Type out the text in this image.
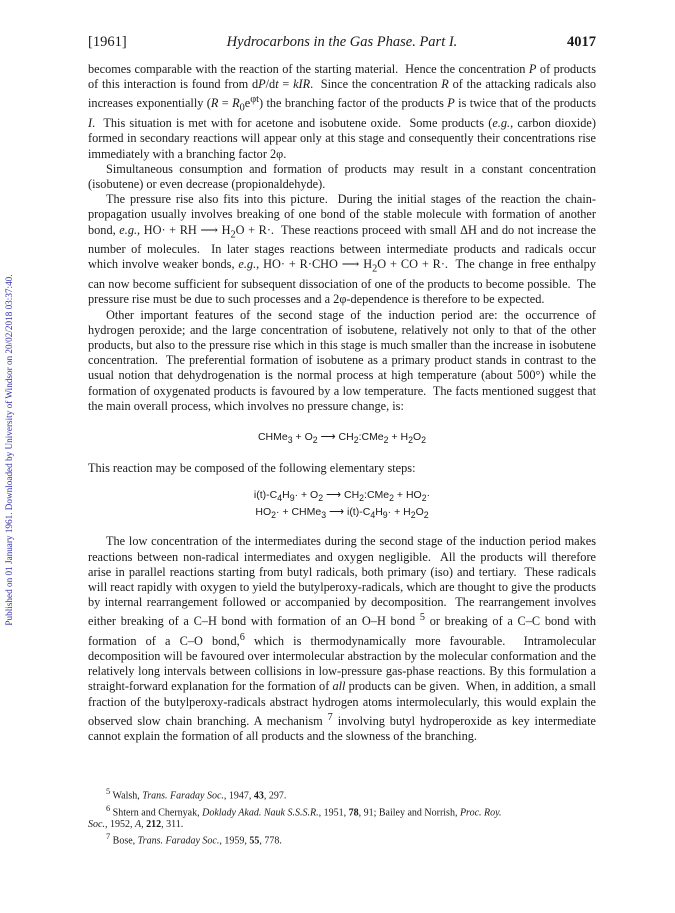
Published on 01 January 1961. Downloaded by University of Windsor on 20/02/2018 03:37:40.
[1961]	Hydrocarbons in the Gas Phase. Part I.	4017

becomes comparable with the reaction of the starting material.  Hence the concentration P of products of this interaction is found from dP/dt = kIR.  Since the concentration R of the attacking radicals also increases exponentially $(R = R_0e^{\varphi t})$ the branching factor of the products P is twice that of the products I.  This situation is met with for acetone and isobutene oxide.  Some products (e.g., carbon dioxide) formed in secondary reactions will appear only at this stage and consequently their concentrations rise immediately with a branching factor 2φ.

Simultaneous consumption and formation of products may result in a constant concentration (isobutene) or even decrease (propionaldehyde).

The pressure rise also fits into this picture.  During the initial stages of the reaction the chain-propagation usually involves breaking of one bond of the stable molecule with formation of another bond, e.g., HO· + RH ⟶ $H_2O + R\cdot$.  These reactions proceed with small ΔH and do not increase the number of molecules.  In later stages reactions between intermediate products and radicals occur which involve weaker bonds, e.g., HO· + R·CHO ⟶ $H_2O$ + CO + R·.  The change in free enthalpy can now become sufficient for subsequent dissociation of one of the products to become possible.  The pressure rise must be due to such processes and a 2φ-dependence is therefore to be expected.

Other important features of the second stage of the induction period are: the occurrence of hydrogen peroxide; and the large concentration of isobutene, relatively not only to that of the other products, but also to the pressure rise which in this stage is much smaller than the increase in isobutene concentration.  The preferential formation of isobutene as a primary product stands in contrast to the usual notion that dehydrogenation is the normal process at high temperature (about 500°) while the formation of oxygenated products is favoured by a low temperature.  The facts mentioned suggest that the main overall process, which involves no pressure change, is:

CHMe$_3$ + $O_2$ ⟶ $CH_2:CMe_2 + H_2O_2$

This reaction may be composed of the following elementary steps:

$i(t)-C_4H_9\cdot + O_2$ ⟶ $CH_2:CMe_2 + HO_2\cdot$
$HO_2\cdot$ + CHMe$_3$ ⟶ $i(t)-C_4H_9\cdot + H_2O_2$

The low concentration of the intermediates during the second stage of the induction period makes reactions between non-radical intermediates and oxygen negligible.  All the products will therefore arise in parallel reactions starting from butyl radicals, both primary (iso) and tertiary.  These radicals will react rapidly with oxygen to yield the butylperoxy-radicals, which are thought to give the products by internal rearrangement followed or accompanied by decomposition.  The rearrangement involves either breaking of a C–H bond with formation of an O–H bond $^5$ or breaking of a C–C bond with formation of a C–O bond,$^6$ which is thermodynamically more favourable.  Intramolecular decomposition will be favoured over intermolecular abstraction by the molecular conformation and the relatively long intervals between collisions in low-pressure gas-phase reactions. By this formulation a straight-forward explanation for the formation of all products can be given.  When, in addition, a small fraction of the butylperoxy-radicals abstract hydrogen atoms intermolecularly, this would explain the observed slow chain branching. A mechanism $^7$ involving butyl hydroperoxide as key intermediate cannot explain the formation of all products and the slowness of the branching.

$^5$ Walsh, Trans. Faraday Soc., 1947, 43, 297.

$^6$ Shtern and Chernyak, Doklady Akad. Nauk S.S.S.R., 1951, 78, 91; Bailey and Norrish, Proc. Roy.

Soc., 1952, A, 212, 311.

$^7$ Bose, Trans. Faraday Soc., 1959, 55, 778.
